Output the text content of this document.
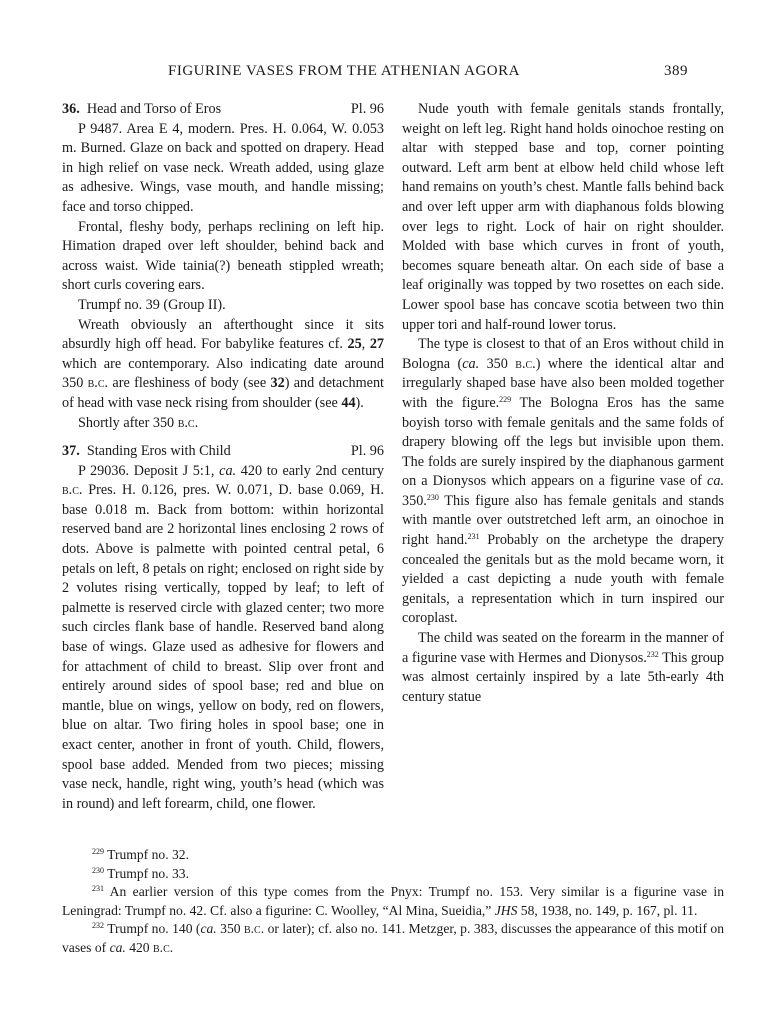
FIGURINE VASES FROM THE ATHENIAN AGORA	389
36. Head and Torso of Eros	Pl. 96

P 9487. Area E 4, modern. Pres. H. 0.064, W. 0.053 m. Burned. Glaze on back and spotted on drapery. Head in high relief on vase neck. Wreath added, using glaze as adhesive. Wings, vase mouth, and handle missing; face and torso chipped.

Frontal, fleshy body, perhaps reclining on left hip. Himation draped over left shoulder, behind back and across waist. Wide tainia(?) beneath stippled wreath; short curls covering ears.

Trumpf no. 39 (Group II).

Wreath obviously an afterthought since it sits absurdly high off head. For babylike features cf. 25, 27 which are contemporary. Also indicating date around 350 b.c. are fleshiness of body (see 32) and detachment of head with vase neck rising from shoulder (see 44).

Shortly after 350 b.c.

37. Standing Eros with Child	Pl. 96

P 29036. Deposit J 5:1, ca. 420 to early 2nd century b.c. Pres. H. 0.126, pres. W. 0.071, D. base 0.069, H. base 0.018 m. Back from bottom: within horizontal reserved band are 2 horizontal lines enclosing 2 rows of dots. Above is palmette with pointed central petal, 6 petals on left, 8 petals on right; enclosed on right side by 2 volutes rising vertically, topped by leaf; to left of palmette is reserved circle with glazed center; two more such circles flank base of handle. Reserved band along base of wings. Glaze used as adhesive for flowers and for attachment of child to breast. Slip over front and entirely around sides of spool base; red and blue on mantle, blue on wings, yellow on body, red on flowers, blue on altar. Two firing holes in spool base; one in exact center, another in front of youth. Child, flowers, spool base added. Mended from two pieces; missing vase neck, handle, right wing, youth’s head (which was in round) and left forearm, child, one flower.

Nude youth with female genitals stands frontally, weight on left leg. Right hand holds oinochoe resting on altar with stepped base and top, corner pointing outward. Left arm bent at elbow held child whose left hand remains on youth’s chest. Mantle falls behind back and over left upper arm with diaphanous folds blowing over legs to right. Lock of hair on right shoulder. Molded with base which curves in front of youth, becomes square beneath altar. On each side of base a leaf originally was topped by two rosettes on each side. Lower spool base has concave scotia between two thin upper tori and half-round lower torus.

The type is closest to that of an Eros without child in Bologna (ca. 350 b.c.) where the identical altar and irregularly shaped base have also been molded together with the figure.$^{229}$ The Bologna Eros has the same boyish torso with female genitals and the same folds of drapery blowing off the legs but invisible upon them. The folds are surely inspired by the diaphanous garment on a Dionysos which appears on a figurine vase of ca. 350.$^{230}$ This figure also has female genitals and stands with mantle over outstretched left arm, an oinochoe in right hand.$^{231}$ Probably on the archetype the drapery concealed the genitals but as the mold became worn, it yielded a cast depicting a nude youth with female genitals, a representation which in turn inspired our coroplast.

The child was seated on the forearm in the manner of a figurine vase with Hermes and Dionysos.$^{232}$ This group was almost certainly inspired by a late 5th-early 4th century statue

$^{229}$ Trumpf no. 32.

$^{230}$ Trumpf no. 33.

$^{231}$ An earlier version of this type comes from the Pnyx: Trumpf no. 153. Very similar is a figurine vase in Leningrad: Trumpf no. 42. Cf. also a figurine: C. Woolley, “Al Mina, Sueidia,” JHS 58, 1938, no. 149, p. 167, pl. 11.

$^{232}$ Trumpf no. 140 (ca. 350 b.c. or later); cf. also no. 141. Metzger, p. 383, discusses the appearance of this motif on vases of ca. 420 b.c.
